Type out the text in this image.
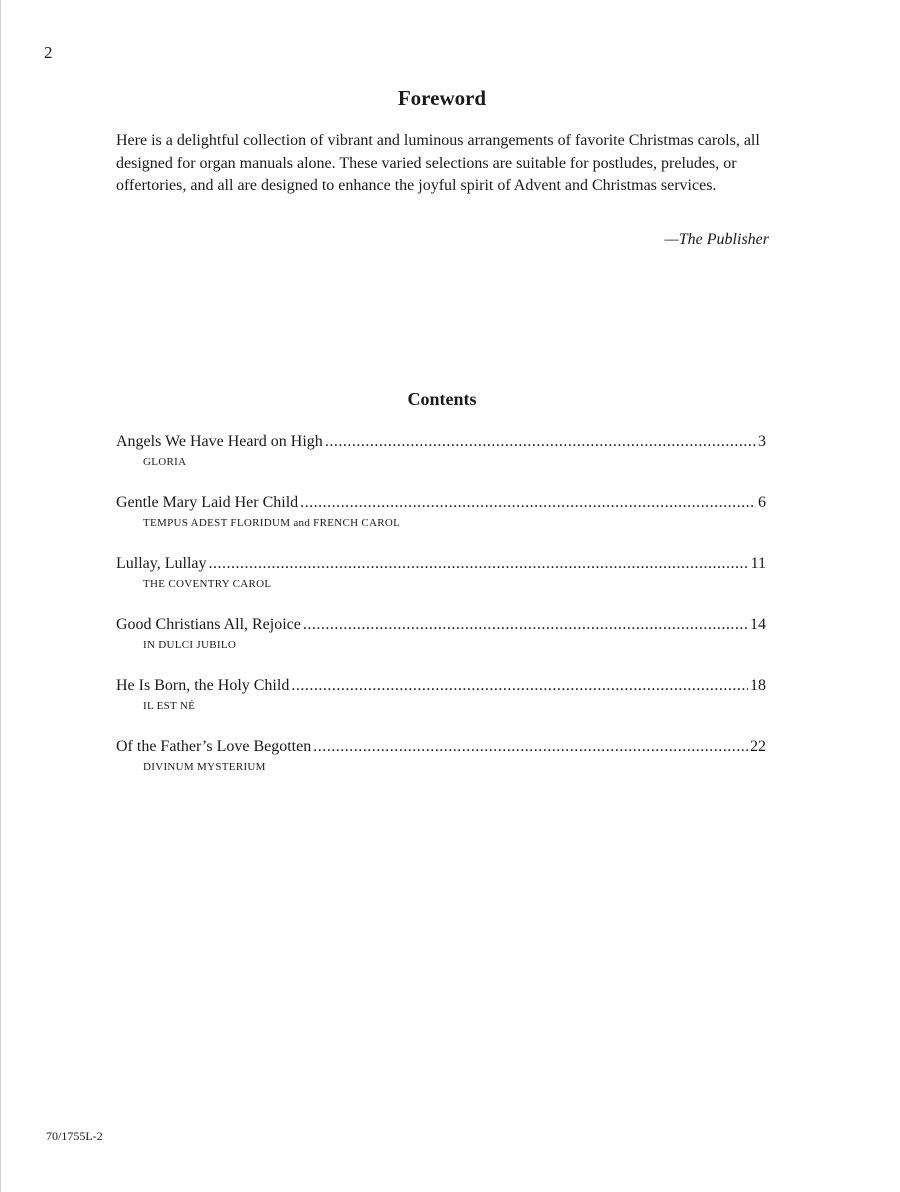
2
Foreword
Here is a delightful collection of vibrant and luminous arrangements of favorite Christmas carols, all designed for organ manuals alone. These varied selections are suitable for postludes, preludes, or offertories, and all are designed to enhance the joyful spirit of Advent and Christmas services.
—The Publisher
Contents
Angels We Have Heard on High .....	3
GLORIA
Gentle Mary Laid Her Child .....	6
TEMPUS ADEST FLORIDUM and FRENCH CAROL
Lullay, Lullay .....	11
THE COVENTRY CAROL
Good Christians All, Rejoice .....	14
IN DULCI JUBILO
He Is Born, the Holy Child .....	18
IL EST NÉ
Of the Father’s Love Begotten .....	22
DIVINUM MYSTERIUM
70/1755L-2
